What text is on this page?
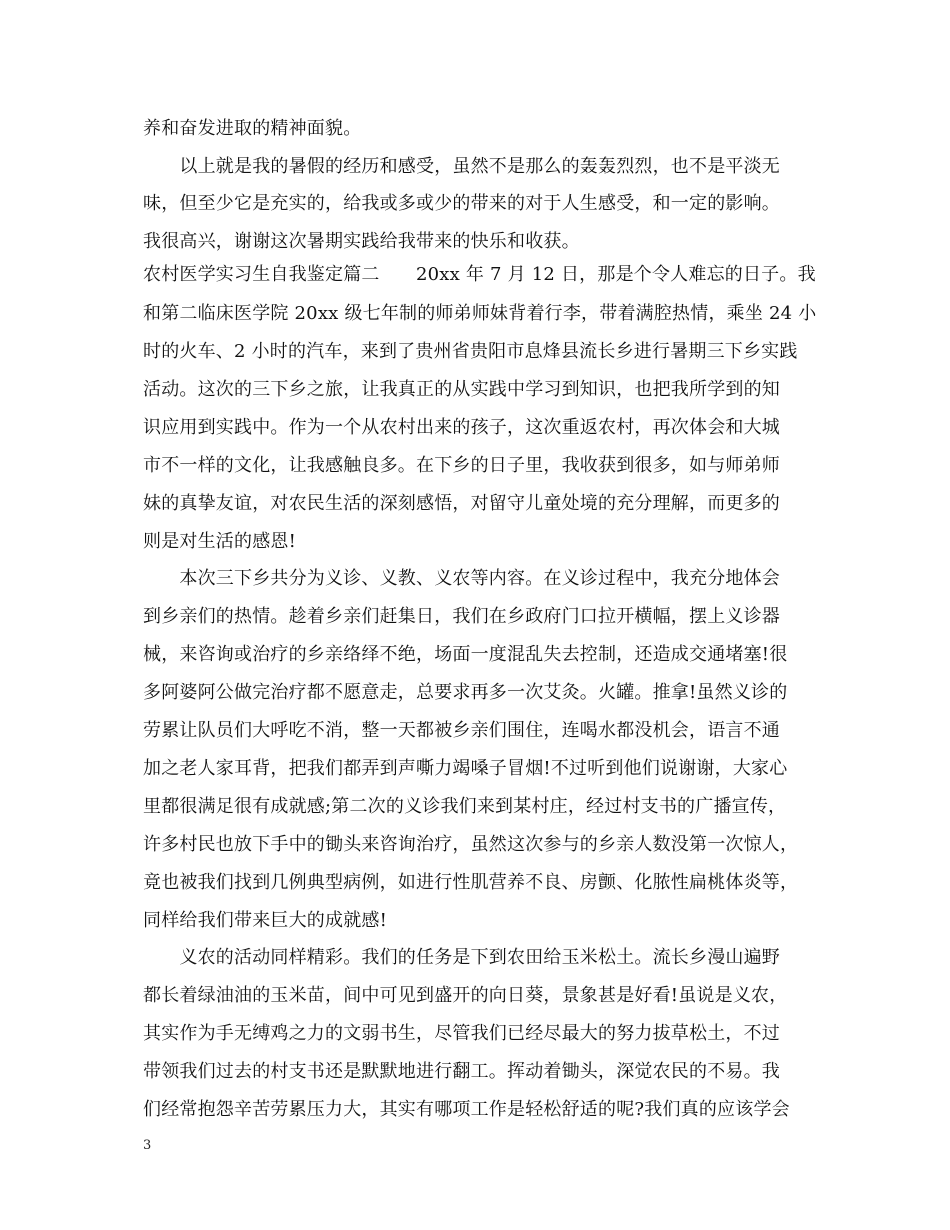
养和奋发进取的精神面貌。
　　以上就是我的暑假的经历和感受，虽然不是那么的轰轰烈烈，也不是平淡无
味，但至少它是充实的，给我或多或少的带来的对于人生感受，和一定的影响。
我很高兴，谢谢这次暑期实践给我带来的快乐和收获。
农村医学实习生自我鉴定篇二　　20xx 年 7 月 12 日，那是个令人难忘的日子。我
和第二临床医学院 20xx 级七年制的师弟师妹背着行李，带着满腔热情，乘坐 24 小
时的火车、2 小时的汽车，来到了贵州省贵阳市息烽县流长乡进行暑期三下乡实践
活动。这次的三下乡之旅，让我真正的从实践中学习到知识，也把我所学到的知
识应用到实践中。作为一个从农村出来的孩子，这次重返农村，再次体会和大城
市不一样的文化，让我感触良多。在下乡的日子里，我收获到很多，如与师弟师
妹的真挚友谊，对农民生活的深刻感悟，对留守儿童处境的充分理解，而更多的
则是对生活的感恩!
　　本次三下乡共分为义诊、义教、义农等内容。在义诊过程中，我充分地体会
到乡亲们的热情。趁着乡亲们赶集日，我们在乡政府门口拉开横幅，摆上义诊器
械，来咨询或治疗的乡亲络绎不绝，场面一度混乱失去控制，还造成交通堵塞!很
多阿婆阿公做完治疗都不愿意走，总要求再多一次艾灸。火罐。推拿!虽然义诊的
劳累让队员们大呼吃不消，整一天都被乡亲们围住，连喝水都没机会，语言不通
加之老人家耳背，把我们都弄到声嘶力竭嗓子冒烟!不过听到他们说谢谢，大家心
里都很满足很有成就感;第二次的义诊我们来到某村庄，经过村支书的广播宣传，
许多村民也放下手中的锄头来咨询治疗，虽然这次参与的乡亲人数没第一次惊人，
竟也被我们找到几例典型病例，如进行性肌营养不良、房颤、化脓性扁桃体炎等，
同样给我们带来巨大的成就感!
　　义农的活动同样精彩。我们的任务是下到农田给玉米松土。流长乡漫山遍野
都长着绿油油的玉米苗，间中可见到盛开的向日葵，景象甚是好看!虽说是义农，
其实作为手无缚鸡之力的文弱书生，尽管我们已经尽最大的努力拔草松土，不过
带领我们过去的村支书还是默默地进行翻工。挥动着锄头，深觉农民的不易。我
们经常抱怨辛苦劳累压力大，其实有哪项工作是轻松舒适的呢?我们真的应该学会
3
